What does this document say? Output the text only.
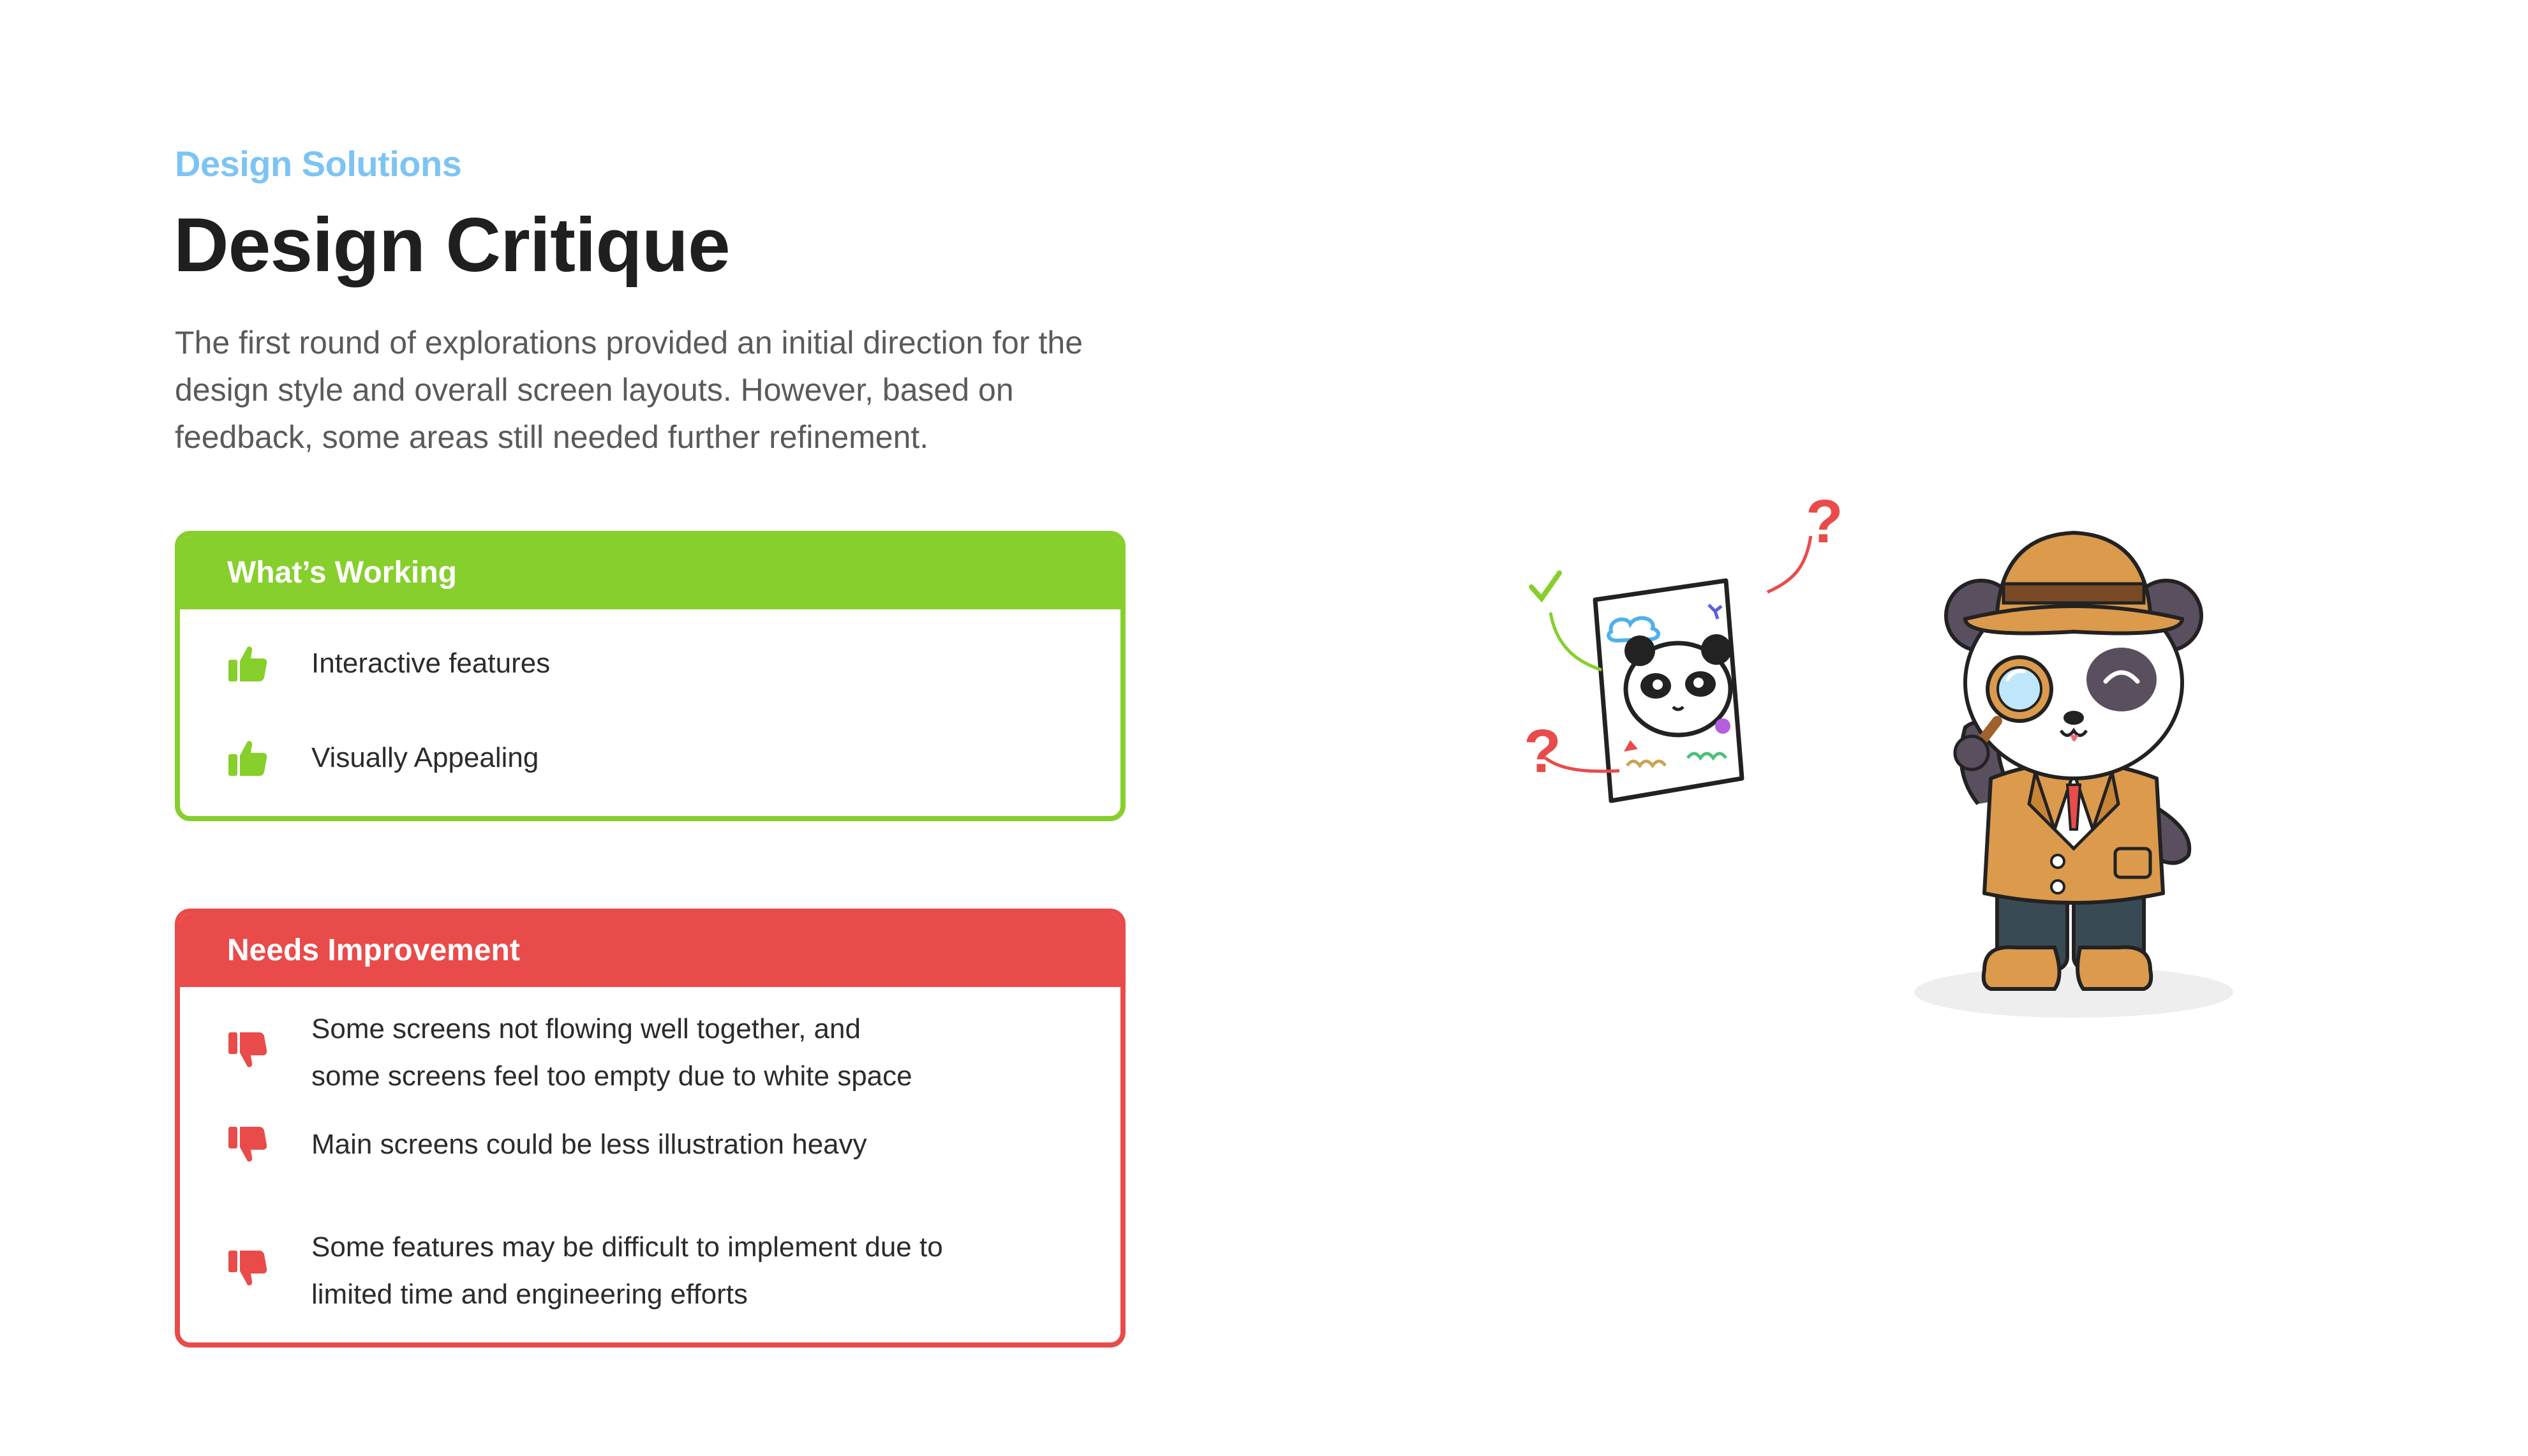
Design Solutions
Design Critique

The first round of explorations provided an initial direction for the design style and overall screen layouts. However, based on feedback, some areas still needed further refinement.

What’s Working
Interactive features
Visually Appealing
Needs Improvement
Some screens not flowing well together, and
some screens feel too empty due to white space
Main screens could be less illustration heavy
Some features may be difficult to implement due to
limited time and engineering efforts
?
?
